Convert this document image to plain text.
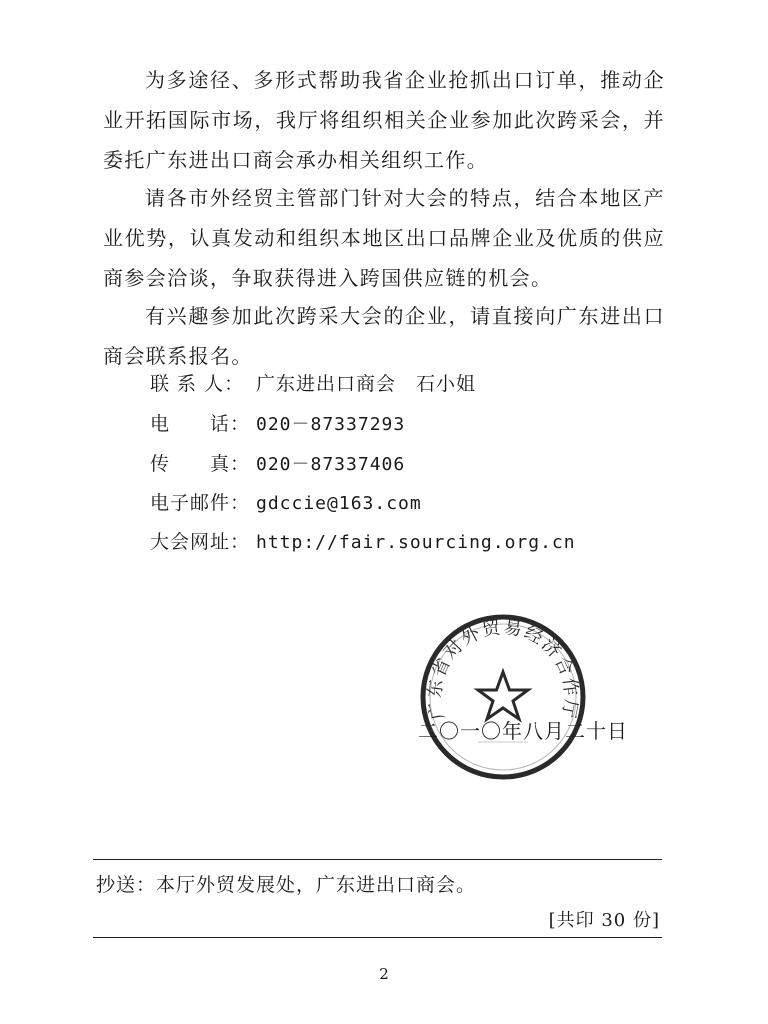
为多途径、多形式帮助我省企业抢抓出口订单，推动企业开拓国际市场，我厅将组织相关企业参加此次跨采会，并委托广东进出口商会承办相关组织工作。

请各市外经贸主管部门针对大会的特点，结合本地区产业优势，认真发动和组织本地区出口品牌企业及优质的供应商参会洽谈，争取获得进入跨国供应链的机会。

有兴趣参加此次跨采大会的企业，请直接向广东进出口商会联系报名。

联 系 人： 广东进出口商会　石小姐
电　　话： 020－87337293
传　　真： 020－87337406
电子邮件： gdccie@163.com
大会网址： http://fair.sourcing.org.cn
广东省对外贸易经济合作厅
二〇一〇年八月二十日
抄送：本厅外贸发展处，广东进出口商会。
[共印 30 份]
2
